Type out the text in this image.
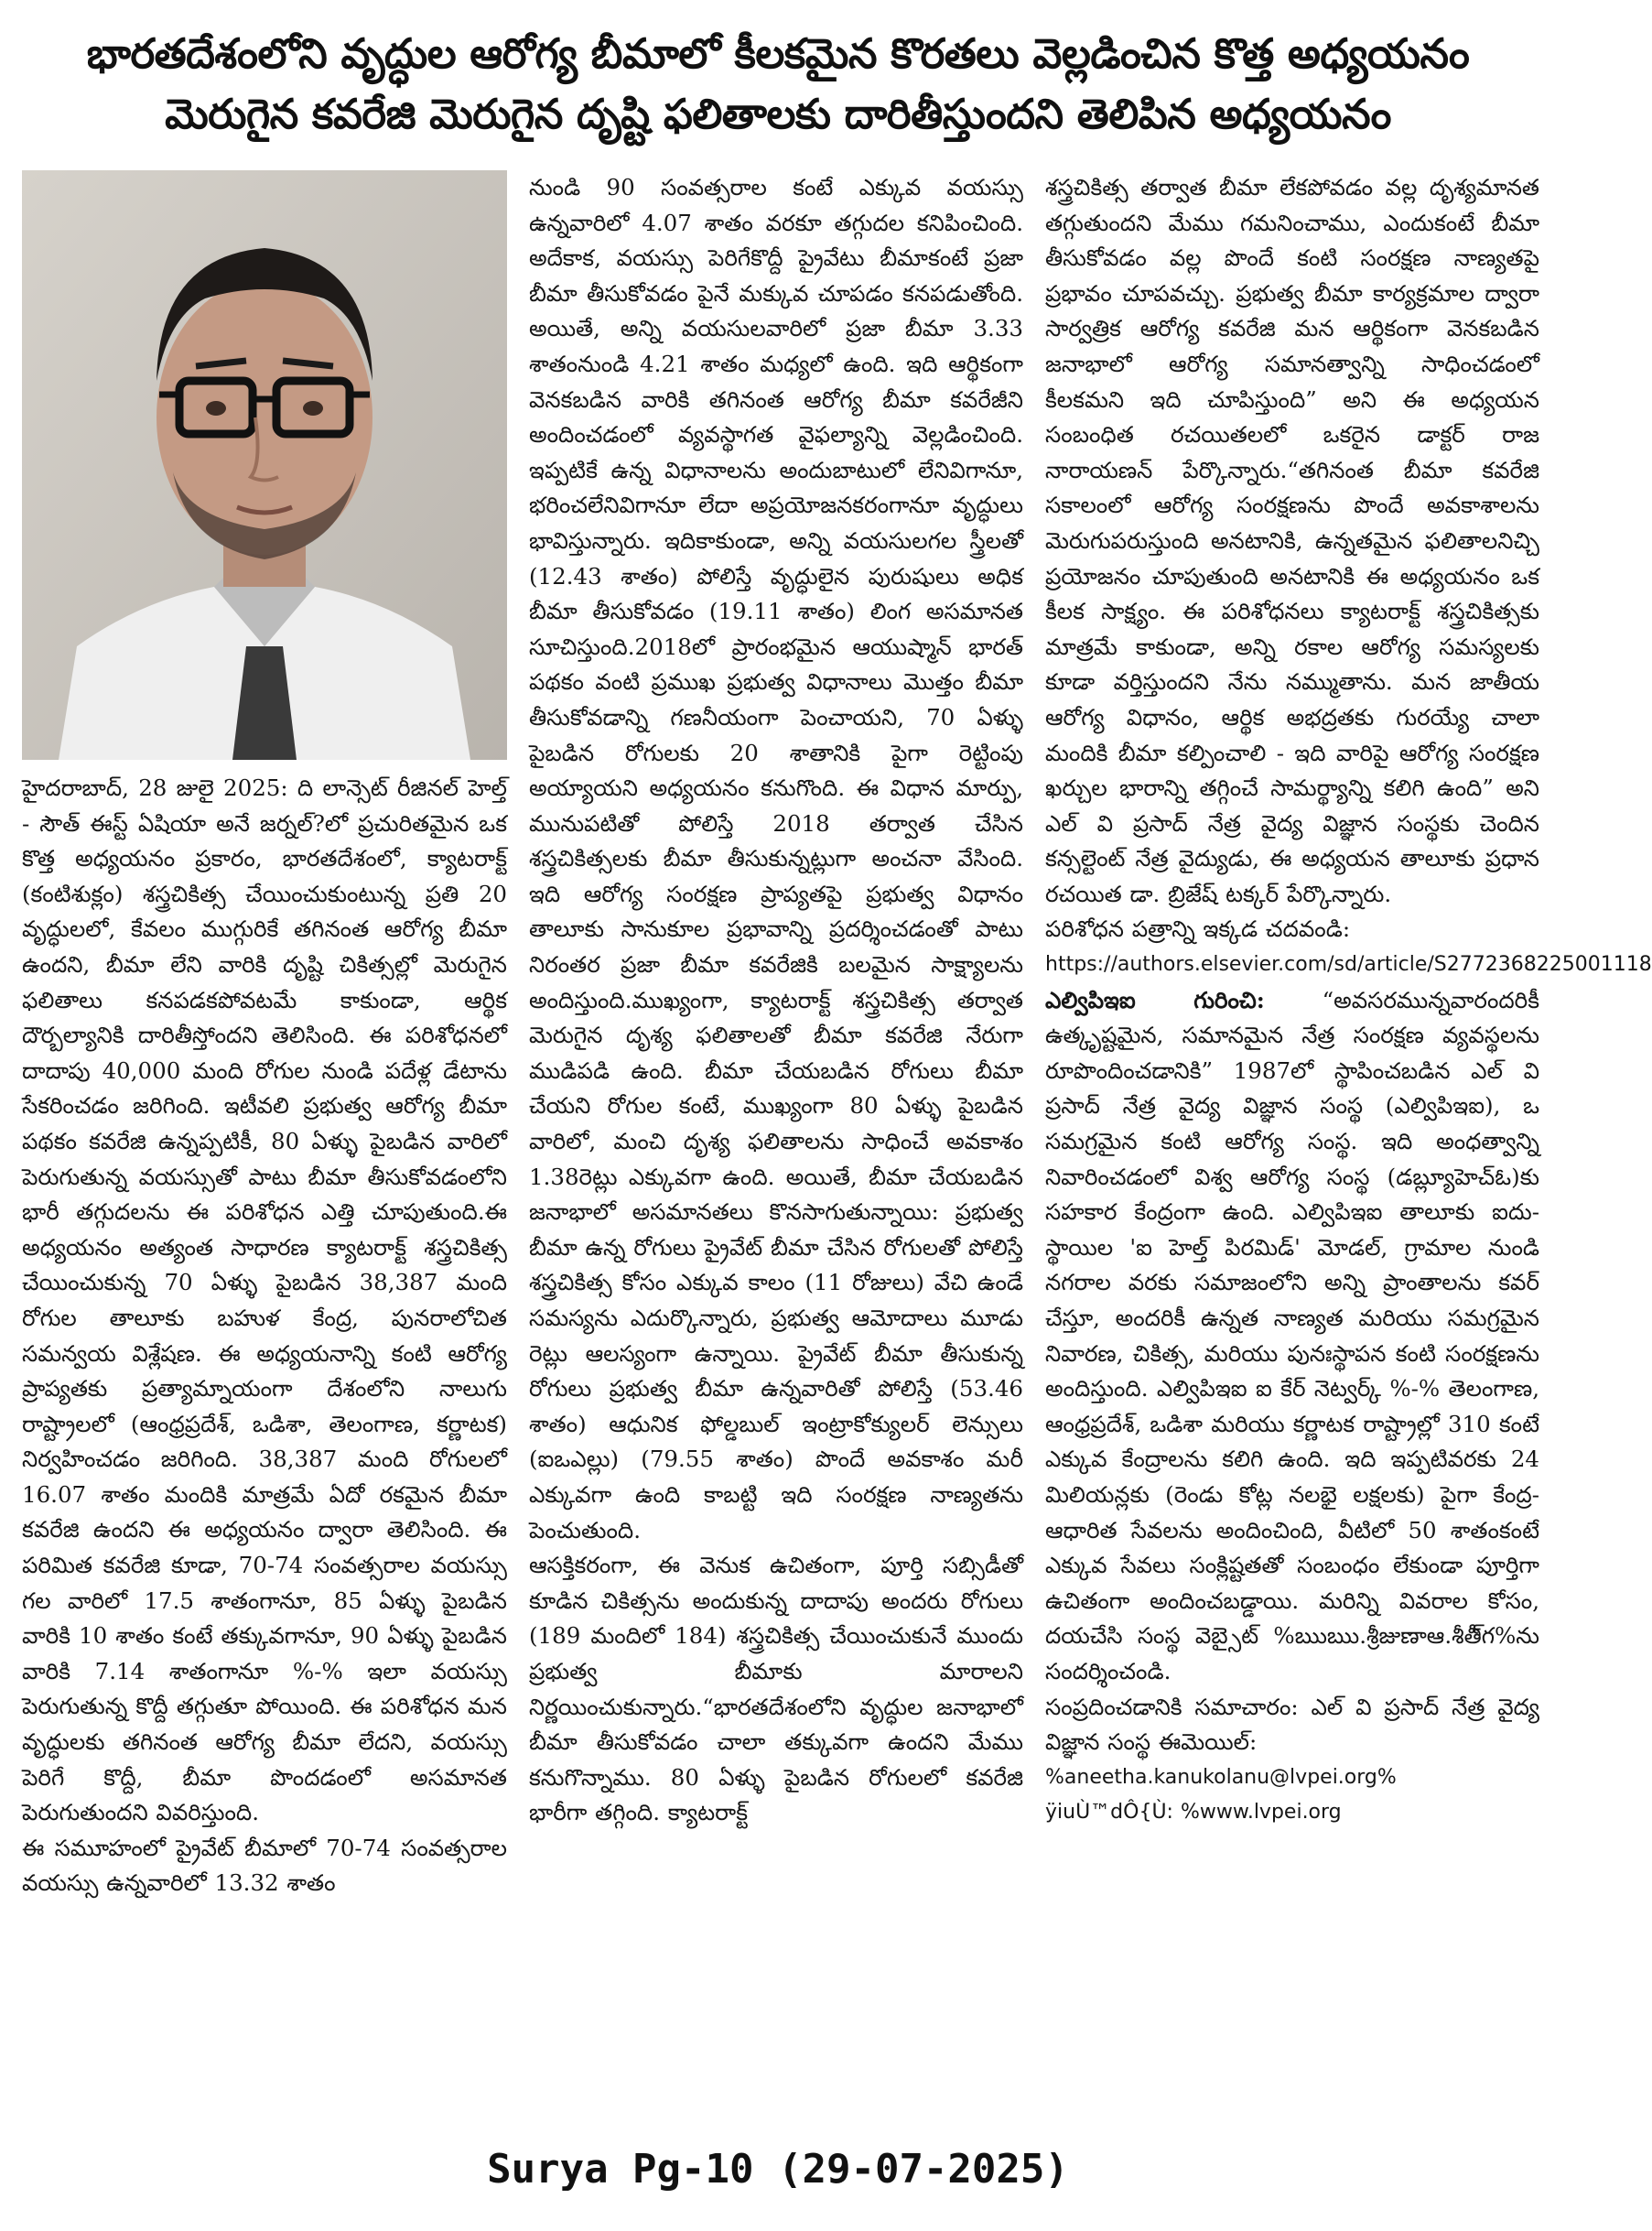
భారతదేశంలోని వృద్ధుల ఆరోగ్య బీమాలో కీలకమైన కొరతలు వెల్లడించిన కొత్త అధ్యయనం
మెరుగైన కవరేజి మెరుగైన దృష్టి ఫలితాలకు దారితీస్తుందని తెలిపిన అధ్యయనం

హైదరాబాద్, 28 జులై 2025: ది లాన్సెట్ రీజినల్ హెల్త్ - సౌత్ ఈస్ట్ ఏషియా అనే జర్నల్?లో ప్రచురితమైన ఒక కొత్త అధ్యయనం ప్రకారం, భారతదేశంలో, క్యాటరాక్ట్ (కంటిశుక్లం) శస్త్రచికిత్స చేయించుకుంటున్న ప్రతి 20 వృద్ధులలో, కేవలం ముగ్గురికే తగినంత ఆరోగ్య బీమా ఉందని, బీమా లేని వారికి దృష్టి చికిత్సల్లో మెరుగైన ఫలితాలు కనపడకపోవటమే కాకుండా, ఆర్థిక దౌర్బల్యానికి దారితీస్తోందని తెలిసింది. ఈ పరిశోధనలో దాదాపు 40,000 మంది రోగుల నుండి పదేళ్ల డేటాను సేకరించడం జరిగింది. ఇటీవలి ప్రభుత్వ ఆరోగ్య బీమా పథకం కవరేజి ఉన్నప్పటికీ, 80 ఏళ్ళు పైబడిన వారిలో పెరుగుతున్న వయస్సుతో పాటు బీమా తీసుకోవడంలోని భారీ తగ్గుదలను ఈ పరిశోధన ఎత్తి చూపుతుంది.ఈ అధ్యయనం అత్యంత సాధారణ క్యాటరాక్ట్ శస్త్రచికిత్స చేయించుకున్న 70 ఏళ్ళు పైబడిన 38,387 మంది రోగుల తాలూకు బహుళ కేంద్ర, పునరాలోచిత సమన్వయ విశ్లేషణ. ఈ అధ్యయనాన్ని కంటి ఆరోగ్య ప్రాప్యతకు ప్రత్యామ్నాయంగా దేశంలోని నాలుగు రాష్ట్రాలలో (ఆంధ్రప్రదేశ్, ఒడిశా, తెలంగాణ, కర్ణాటక) నిర్వహించడం జరిగింది. 38,387 మంది రోగులలో 16.07 శాతం మందికి మాత్రమే ఏదో రకమైన బీమా కవరేజి ఉందని ఈ అధ్యయనం ద్వారా తెలిసింది. ఈ పరిమిత కవరేజి కూడా, 70-74 సంవత్సరాల వయస్సు గల వారిలో 17.5 శాతంగానూ, 85 ఏళ్ళు పైబడిన వారికి 10 శాతం కంటే తక్కువగానూ, 90 ఏళ్ళు పైబడిన వారికి 7.14 శాతంగానూ %-% ఇలా వయస్సు పెరుగుతున్న కొద్దీ తగ్గుతూ పోయింది. ఈ పరిశోధన మన వృద్ధులకు తగినంత ఆరోగ్య బీమా లేదని, వయస్సు పెరిగే కొద్దీ, బీమా పొందడంలో అసమానత పెరుగుతుందని వివరిస్తుంది.

ఈ సమూహంలో ప్రైవేట్ బీమాలో 70-74 సంవత్సరాల వయస్సు ఉన్నవారిలో 13.32 శాతం

నుండి 90 సంవత్సరాల కంటే ఎక్కువ వయస్సు ఉన్నవారిలో 4.07 శాతం వరకూ తగ్గుదల కనిపించింది. అదేకాక, వయస్సు పెరిగేకొద్దీ ప్రైవేటు బీమాకంటే ప్రజా బీమా తీసుకోవడం పైనే మక్కువ చూపడం కనపడుతోంది. అయితే, అన్ని వయసులవారిలో ప్రజా బీమా 3.33 శాతంనుండి 4.21 శాతం మధ్యలో ఉంది. ఇది ఆర్థికంగా వెనకబడిన వారికి తగినంత ఆరోగ్య బీమా కవరేజీని అందించడంలో వ్యవస్థాగత వైఫల్యాన్ని వెల్లడించింది. ఇప్పటికే ఉన్న విధానాలను అందుబాటులో లేనివిగానూ, భరించలేనివిగానూ లేదా అప్రయోజనకరంగానూ వృద్ధులు భావిస్తున్నారు. ఇదికాకుండా, అన్ని వయసులగల స్త్రీలతో (12.43 శాతం) పోలిస్తే వృద్ధులైన పురుషులు అధిక బీమా తీసుకోవడం (19.11 శాతం) లింగ అసమానత సూచిస్తుంది.2018లో ప్రారంభమైన ఆయుష్మాన్ భారత్ పథకం వంటి ప్రముఖ ప్రభుత్వ విధానాలు మొత్తం బీమా తీసుకోవడాన్ని గణనీయంగా పెంచాయని, 70 ఏళ్ళు పైబడిన రోగులకు 20 శాతానికి పైగా రెట్టింపు అయ్యాయని అధ్యయనం కనుగొంది. ఈ విధాన మార్పు, మునుపటితో పోలిస్తే 2018 తర్వాత చేసిన శస్త్రచికిత్సలకు బీమా తీసుకున్నట్లుగా అంచనా వేసింది. ఇది ఆరోగ్య సంరక్షణ ప్రాప్యతపై ప్రభుత్వ విధానం తాలూకు సానుకూల ప్రభావాన్ని ప్రదర్శించడంతో పాటు నిరంతర ప్రజా బీమా కవరేజికి బలమైన సాక్ష్యాలను అందిస్తుంది.ముఖ్యంగా, క్యాటరాక్ట్ శస్త్రచికిత్స తర్వాత మెరుగైన దృశ్య ఫలితాలతో బీమా కవరేజి నేరుగా ముడిపడి ఉంది. బీమా చేయబడిన రోగులు బీమా చేయని రోగుల కంటే, ముఖ్యంగా 80 ఏళ్ళు పైబడిన వారిలో, మంచి దృశ్య ఫలితాలను సాధించే అవకాశం 1.38రెట్లు ఎక్కువగా ఉంది. అయితే, బీమా చేయబడిన జనాభాలో అసమానతలు కొనసాగుతున్నాయి: ప్రభుత్వ బీమా ఉన్న రోగులు ప్రైవేట్ బీమా చేసిన రోగులతో పోలిస్తే శస్త్రచికిత్స కోసం ఎక్కువ కాలం (11 రోజులు) వేచి ఉండే సమస్యను ఎదుర్కొన్నారు, ప్రభుత్వ ఆమోదాలు మూడు రెట్లు ఆలస్యంగా ఉన్నాయి. ప్రైవేట్ బీమా తీసుకున్న రోగులు ప్రభుత్వ బీమా ఉన్నవారితో పోలిస్తే (53.46 శాతం) ఆధునిక ఫోల్డబుల్ ఇంట్రాకోక్యులర్ లెన్సులు (ఐఒఎల్లు) (79.55 శాతం) పొందే అవకాశం మరీ ఎక్కువగా ఉంది కాబట్టి ఇది సంరక్షణ నాణ్యతను పెంచుతుంది.

ఆసక్తికరంగా, ఈ వెనుక ఉచితంగా, పూర్తి సబ్సిడీతో కూడిన చికిత్సను అందుకున్న దాదాపు అందరు రోగులు (189 మందిలో 184) శస్త్రచికిత్స చేయించుకునే ముందు ప్రభుత్వ బీమాకు మారాలని నిర్ణయించుకున్నారు.“భారతదేశంలోని వృద్ధుల జనాభాలో బీమా తీసుకోవడం చాలా తక్కువగా ఉందని మేము కనుగొన్నాము. 80 ఏళ్ళు పైబడిన రోగులలో కవరేజి భారీగా తగ్గింది. క్యాటరాక్ట్

శస్త్రచికిత్స తర్వాత బీమా లేకపోవడం వల్ల దృశ్యమానత తగ్గుతుందని మేము గమనించాము, ఎందుకంటే బీమా తీసుకోవడం వల్ల పొందే కంటి సంరక్షణ నాణ్యతపై ప్రభావం చూపవచ్చు. ప్రభుత్వ బీమా కార్యక్రమాల ద్వారా సార్వత్రిక ఆరోగ్య కవరేజి మన ఆర్థికంగా వెనకబడిన జనాభాలో ఆరోగ్య సమానత్వాన్ని సాధించడంలో కీలకమని ఇది చూపిస్తుంది” అని ఈ అధ్యయన సంబంధిత రచయితలలో ఒకరైన డాక్టర్ రాజ నారాయణన్ పేర్కొన్నారు.“తగినంత బీమా కవరేజి సకాలంలో ఆరోగ్య సంరక్షణను పొందే అవకాశాలను మెరుగుపరుస్తుంది అనటానికి, ఉన్నతమైన ఫలితాలనిచ్చి ప్రయోజనం చూపుతుంది అనటానికి ఈ అధ్యయనం ఒక కీలక సాక్ష్యం. ఈ పరిశోధనలు క్యాటరాక్ట్ శస్త్రచికిత్సకు మాత్రమే కాకుండా, అన్ని రకాల ఆరోగ్య సమస్యలకు కూడా వర్తిస్తుందని నేను నమ్ముతాను. మన జాతీయ ఆరోగ్య విధానం, ఆర్థిక అభద్రతకు గురయ్యే చాలా మందికి బీమా కల్పించాలి - ఇది వారిపై ఆరోగ్య సంరక్షణ ఖర్చుల భారాన్ని తగ్గించే సామర్థ్యాన్ని కలిగి ఉంది” అని ఎల్ వి ప్రసాద్ నేత్ర వైద్య విజ్ఞాన సంస్థకు చెందిన కన్సల్టెంట్ నేత్ర వైద్యుడు, ఈ అధ్యయన తాలూకు ప్రధాన రచయిత డా. బ్రిజేష్ టక్కర్ పేర్కొన్నారు.

పరిశోధన పత్రాన్ని ఇక్కడ చదవండి:

https://authors.elsevier.com/sd/article/S2772368225001118

ఎల్విపిఇఐ గురించి:	“అవసరమున్నవారందరికీ ఉత్కృష్టమైన, సమానమైన నేత్ర సంరక్షణ వ్యవస్థలను రూపొందించడానికి” 1987లో స్థాపించబడిన ఎల్ వి ప్రసాద్ నేత్ర వైద్య విజ్ఞాన సంస్థ (ఎల్విపిఇఐ), ఒ సమగ్రమైన కంటి ఆరోగ్య సంస్థ. ఇది అంధత్వాన్ని నివారించడంలో విశ్వ ఆరోగ్య సంస్థ (డబ్ల్యూహెచ్ఓ)కు సహకార కేంద్రంగా ఉంది. ఎల్విపిఇఐ తాలూకు ఐదు-స్థాయిల 'ఐ హెల్త్ పిరమిడ్' మోడల్, గ్రామాల నుండి నగరాల వరకు సమాజంలోని అన్ని ప్రాంతాలను కవర్ చేస్తూ, అందరికీ ఉన్నత నాణ్యత మరియు సమగ్రమైన నివారణ, చికిత్స, మరియు పునఃస్థాపన కంటి సంరక్షణను అందిస్తుంది. ఎల్విపిఇఐ ఐ కేర్ నెట్వర్క్ %-% తెలంగాణ, ఆంధ్రప్రదేశ్, ఒడిశా మరియు కర్ణాటక రాష్ట్రాల్లో 310 కంటే ఎక్కువ కేంద్రాలను కలిగి ఉంది. ఇది ఇప్పటివరకు 24 మిలియన్లకు (రెండు కోట్ల నలభై లక్షలకు) పైగా కేంద్ర-ఆధారిత సేవలను అందించింది, వీటిలో 50 శాతంకంటే ఎక్కువ సేవలు సంక్లిష్టతతో సంబంధం లేకుండా పూర్తిగా ఉచితంగా అందించబడ్డాయి. మరిన్ని వివరాల కోసం, దయచేసి సంస్థ వెబ్సైట్ %ఋఋ.శ్రీజుణాఆ.శీతీ్గ%ను సందర్శించండి.

సంప్రదించడానికి సమాచారం: ఎల్ వి ప్రసాద్ నేత్ర వైద్య విజ్ఞాన సంస్థ ఈమెయిల్:

%aneetha.kanukolanu@lvpei.org%

ÿiuÙ™dÔ{Ù: %www.lvpei.org

Surya Pg-10 (29-07-2025)
